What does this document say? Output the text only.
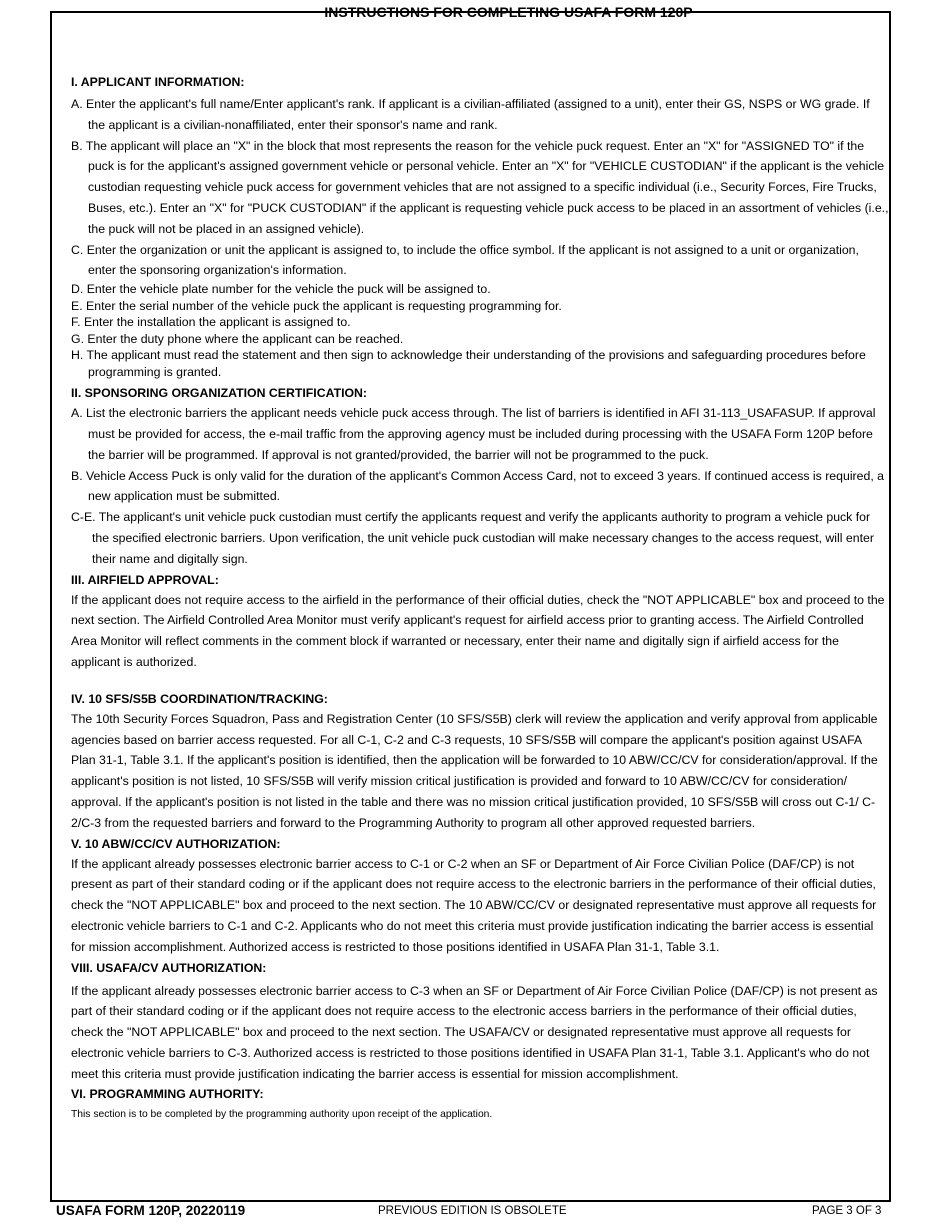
INSTRUCTIONS FOR COMPLETING USAFA FORM 120P
I. APPLICANT INFORMATION:
A. Enter the applicant's full name/Enter applicant's rank. If applicant is a civilian-affiliated (assigned to a unit), enter their GS, NSPS or WG grade. If the applicant is a civilian-nonaffiliated, enter their sponsor's name and rank.
B. The applicant will place an "X" in the block that most represents the reason for the vehicle puck request. Enter an "X" for "ASSIGNED TO" if the puck is for the applicant's assigned government vehicle or personal vehicle. Enter an "X" for "VEHICLE CUSTODIAN" if the applicant is the vehicle custodian requesting vehicle puck access for government vehicles that are not assigned to a specific individual (i.e., Security Forces, Fire Trucks, Buses, etc.). Enter an "X" for "PUCK CUSTODIAN" if the applicant is requesting vehicle puck access to be placed in an assortment of vehicles (i.e., the puck will not be placed in an assigned vehicle).
C. Enter the organization or unit the applicant is assigned to, to include the office symbol. If the applicant is not assigned to a unit or organization, enter the sponsoring organization's information.
D. Enter the vehicle plate number for the vehicle the puck will be assigned to.
E. Enter the serial number of the vehicle puck the applicant is requesting programming for.
F. Enter the installation the applicant is assigned to.
G. Enter the duty phone where the applicant can be reached.
H. The applicant must read the statement and then sign to acknowledge their understanding of the provisions and safeguarding procedures before programming is granted.
II. SPONSORING ORGANIZATION CERTIFICATION:
A. List the electronic barriers the applicant needs vehicle puck access through. The list of barriers is identified in AFI 31-113_USAFASUP. If approval must be provided for access, the e-mail traffic from the approving agency must be included during processing with the USAFA Form 120P before the barrier will be programmed. If approval is not granted/provided, the barrier will not be programmed to the puck.
B. Vehicle Access Puck is only valid for the duration of the applicant's Common Access Card, not to exceed 3 years. If continued access is required, a new application must be submitted.
C-E. The applicant's unit vehicle puck custodian must certify the applicants request and verify the applicants authority to program a vehicle puck for the specified electronic barriers. Upon verification, the unit vehicle puck custodian will make necessary changes to the access request, will enter their name and digitally sign.
III. AIRFIELD APPROVAL:
If the applicant does not require access to the airfield in the performance of their official duties, check the "NOT APPLICABLE" box and proceed to the next section. The Airfield Controlled Area Monitor must verify applicant's request for airfield access prior to granting access. The Airfield Controlled Area Monitor will reflect comments in the comment block if warranted or necessary, enter their name and digitally sign if airfield access for the applicant is authorized.
IV. 10 SFS/S5B COORDINATION/TRACKING:
The 10th Security Forces Squadron, Pass and Registration Center (10 SFS/S5B) clerk will review the application and verify approval from applicable agencies based on barrier access requested. For all C-1, C-2 and C-3 requests, 10 SFS/S5B will compare the applicant's position against USAFA Plan 31-1, Table 3.1. If the applicant's position is identified, then the application will be forwarded to 10 ABW/CC/CV for consideration/approval. If the applicant's position is not listed, 10 SFS/S5B will verify mission critical justification is provided and forward to 10 ABW/CC/CV for consideration/ approval. If the applicant's position is not listed in the table and there was no mission critical justification provided, 10 SFS/S5B will cross out C-1/ C-2/C-3 from the requested barriers and forward to the Programming Authority to program all other approved requested barriers.
V. 10 ABW/CC/CV AUTHORIZATION:
If the applicant already possesses electronic barrier access to C-1 or C-2 when an SF or Department of Air Force Civilian Police (DAF/CP) is not present as part of their standard coding or if the applicant does not require access to the electronic barriers in the performance of their official duties, check the "NOT APPLICABLE" box and proceed to the next section. The 10 ABW/CC/CV or designated representative must approve all requests for electronic vehicle barriers to C-1 and C-2. Applicants who do not meet this criteria must provide justification indicating the barrier access is essential for mission accomplishment. Authorized access is restricted to those positions identified in USAFA Plan 31-1, Table 3.1.
VIII. USAFA/CV AUTHORIZATION:
If the applicant already possesses electronic barrier access to C-3 when an SF or Department of Air Force Civilian Police (DAF/CP) is not present as part of their standard coding or if the applicant does not require access to the electronic access barriers in the performance of their official duties, check the "NOT APPLICABLE" box and proceed to the next section. The USAFA/CV or designated representative must approve all requests for electronic vehicle barriers to C-3. Authorized access is restricted to those positions identified in USAFA Plan 31-1, Table 3.1. Applicant's who do not meet this criteria must provide justification indicating the barrier access is essential for mission accomplishment.
VI. PROGRAMMING AUTHORITY:
This section is to be completed by the programming authority upon receipt of the application.
USAFA FORM 120P, 20220119	PREVIOUS EDITION IS OBSOLETE	PAGE 3 OF 3
